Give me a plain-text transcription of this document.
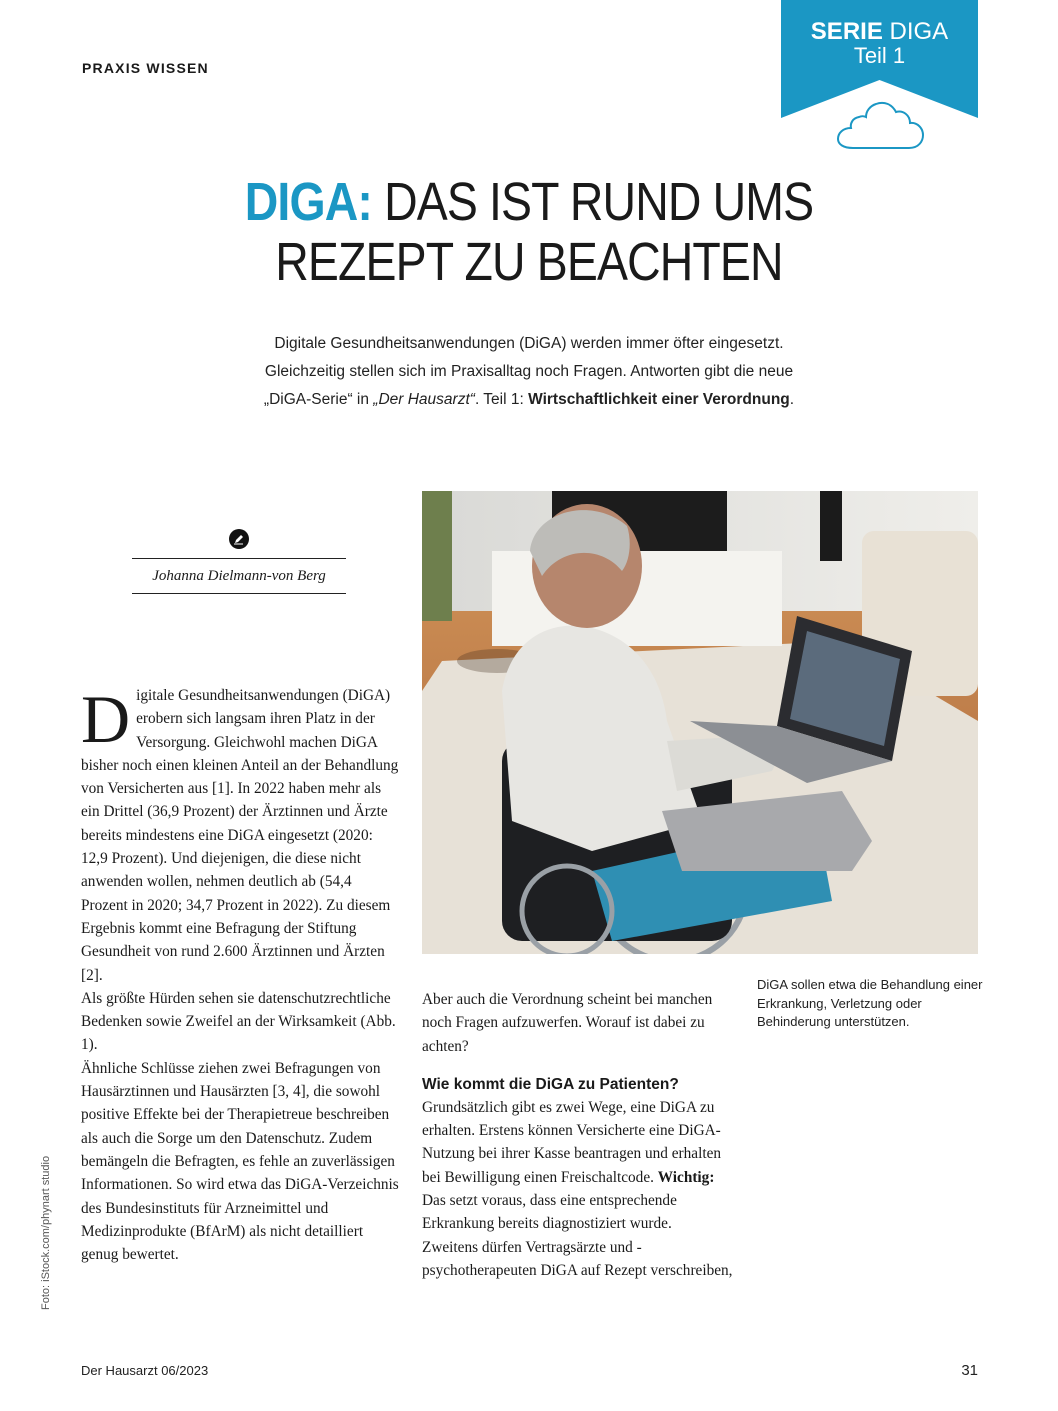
PRAXIS WISSEN
SERIE DIGA
Teil 1
DIGA: DAS IST RUND UMS
REZEPT ZU BEACHTEN
Digitale Gesundheitsanwendungen (DiGA) werden immer öfter eingesetzt.
Gleichzeitig stellen sich im Praxisalltag noch Fragen. Antworten gibt die neue
„DiGA-Serie“ in „Der Hausarzt“. Teil 1: Wirtschaftlichkeit einer Verordnung.
Johanna Dielmann-von Berg
DiGA sollen etwa die Behandlung einer Erkrankung, Verletzung oder Behinderung unterstützen.
D igitale Gesundheitsanwendungen (DiGA) erobern sich langsam ihren Platz in der Versorgung. Gleichwohl machen DiGA bisher noch einen kleinen Anteil an der Behandlung von Versicherten aus [1]. In 2022 haben mehr als ein Drittel (36,9 Prozent) der Ärztinnen und Ärzte bereits mindestens eine DiGA eingesetzt (2020: 12,9 Prozent). Und diejenigen, die diese nicht anwenden wollen, nehmen deutlich ab (54,4 Prozent in 2020; 34,7 Prozent in 2022). Zu diesem Ergebnis kommt eine Befragung der Stiftung Gesundheit von rund 2.600 Ärztinnen und Ärzten [2].

Als größte Hürden sehen sie datenschutzrechtliche Bedenken sowie Zweifel an der Wirksamkeit (Abb. 1).

Ähnliche Schlüsse ziehen zwei Befragungen von Hausärztinnen und Hausärzten [3, 4], die sowohl positive Effekte bei der Therapietreue beschreiben als auch die Sorge um den Datenschutz. Zudem bemängeln die Befragten, es fehle an zuverlässigen Informationen. So wird etwa das DiGA-Verzeichnis des Bundesinstituts für Arzneimittel und Medizinprodukte (BfArM) als nicht detailliert genug bewertet.

Aber auch die Verordnung scheint bei manchen noch Fragen aufzuwerfen. Worauf ist dabei zu achten?

Wie kommt die DiGA zu Patienten?

Grundsätzlich gibt es zwei Wege, eine DiGA zu erhalten. Erstens können Versicherte eine DiGA-Nutzung bei ihrer Kasse beantragen und erhalten bei Bewilligung einen Freischaltcode. Wichtig: Das setzt voraus, dass eine entsprechende Erkrankung bereits diagnostiziert wurde.

Zweitens dürfen Vertragsärzte und -psychotherapeuten DiGA auf Rezept verschreiben,

Foto: iStock.com/phynart studio
Der Hausarzt 06/2023	31
